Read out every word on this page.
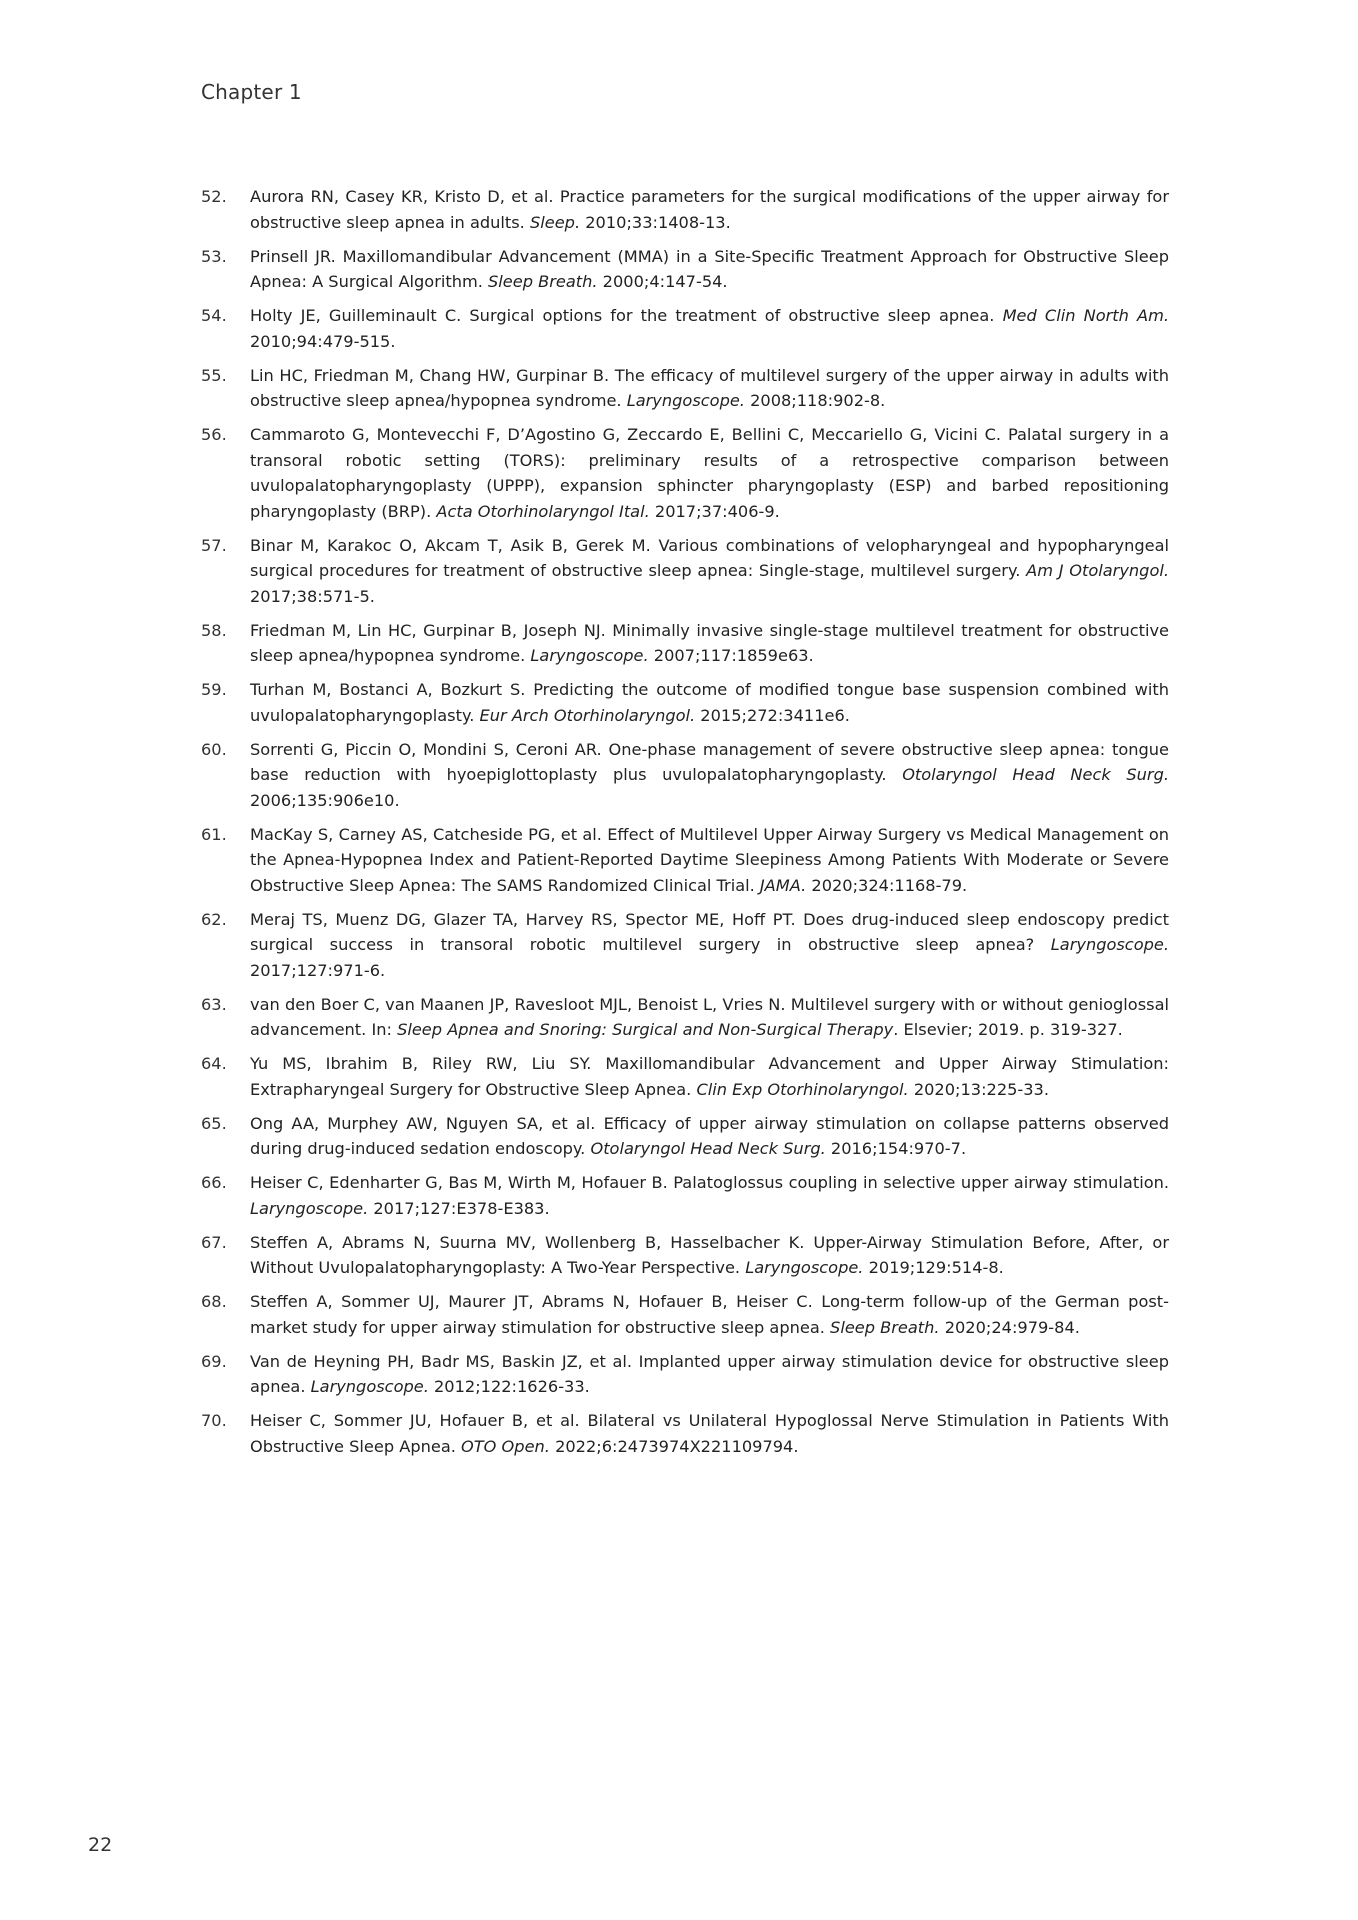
Chapter 1
52.	Aurora RN, Casey KR, Kristo D, et al. Practice parameters for the surgical modifications of the upper airway for obstructive sleep apnea in adults. Sleep. 2010;33:1408-13.
53.	Prinsell JR. Maxillomandibular Advancement (MMA) in a Site-Specific Treatment Approach for Obstructive Sleep Apnea: A Surgical Algorithm. Sleep Breath. 2000;4:147-54.
54.	Holty JE, Guilleminault C. Surgical options for the treatment of obstructive sleep apnea. Med Clin North Am. 2010;94:479-515.
55.	Lin HC, Friedman M, Chang HW, Gurpinar B. The efficacy of multilevel surgery of the upper airway in adults with obstructive sleep apnea/hypopnea syndrome. Laryngoscope. 2008;118:902-8.
56.	Cammaroto G, Montevecchi F, D’Agostino G, Zeccardo E, Bellini C, Meccariello G, Vicini C. Palatal surgery in a transoral robotic setting (TORS): preliminary results of a retrospective comparison between uvulopalatopharyngoplasty (UPPP), expansion sphincter pharyngoplasty (ESP) and barbed repositioning pharyngoplasty (BRP). Acta Otorhinolaryngol Ital. 2017;37:406-9.
57.	Binar M, Karakoc O, Akcam T, Asik B, Gerek M. Various combinations of velopharyngeal and hypopharyngeal surgical procedures for treatment of obstructive sleep apnea: Single-stage, multilevel surgery. Am J Otolaryngol. 2017;38:571-5.
58.	Friedman M, Lin HC, Gurpinar B, Joseph NJ. Minimally invasive single-stage multilevel treatment for obstructive sleep apnea/hypopnea syndrome. Laryngoscope. 2007;117:1859e63.
59.	Turhan M, Bostanci A, Bozkurt S. Predicting the outcome of modified tongue base suspension combined with uvulopalatopharyngoplasty. Eur Arch Otorhinolaryngol. 2015;272:3411e6.
60.	Sorrenti G, Piccin O, Mondini S, Ceroni AR. One-phase management of severe obstructive sleep apnea: tongue base reduction with hyoepiglottoplasty plus uvulopalatopharyngoplasty. Otolaryngol Head Neck Surg. 2006;135:906e10.
61.	MacKay S, Carney AS, Catcheside PG, et al. Effect of Multilevel Upper Airway Surgery vs Medical Management on the Apnea-Hypopnea Index and Patient-Reported Daytime Sleepiness Among Patients With Moderate or Severe Obstructive Sleep Apnea: The SAMS Randomized Clinical Trial. JAMA. 2020;324:1168-79.
62.	Meraj TS, Muenz DG, Glazer TA, Harvey RS, Spector ME, Hoff PT. Does drug-induced sleep endoscopy predict surgical success in transoral robotic multilevel surgery in obstructive sleep apnea? Laryngoscope. 2017;127:971-6.
63.	van den Boer C, van Maanen JP, Ravesloot MJL, Benoist L, Vries N. Multilevel surgery with or without genioglossal advancement. In: Sleep Apnea and Snoring: Surgical and Non-Surgical Therapy. Elsevier; 2019. p. 319-327.
64.	Yu MS, Ibrahim B, Riley RW, Liu SY. Maxillomandibular Advancement and Upper Airway Stimulation: Extrapharyngeal Surgery for Obstructive Sleep Apnea. Clin Exp Otorhinolaryngol. 2020;13:225-33.
65.	Ong AA, Murphey AW, Nguyen SA, et al. Efficacy of upper airway stimulation on collapse patterns observed during drug-induced sedation endoscopy. Otolaryngol Head Neck Surg. 2016;154:970-7.
66.	Heiser C, Edenharter G, Bas M, Wirth M, Hofauer B. Palatoglossus coupling in selective upper airway stimulation. Laryngoscope. 2017;127:E378-E383.
67.	Steffen A, Abrams N, Suurna MV, Wollenberg B, Hasselbacher K. Upper-Airway Stimulation Before, After, or Without Uvulopalatopharyngoplasty: A Two-Year Perspective. Laryngoscope. 2019;129:514-8.
68.	Steffen A, Sommer UJ, Maurer JT, Abrams N, Hofauer B, Heiser C. Long-term follow-up of the German post-market study for upper airway stimulation for obstructive sleep apnea. Sleep Breath. 2020;24:979-84.
69.	Van de Heyning PH, Badr MS, Baskin JZ, et al. Implanted upper airway stimulation device for obstructive sleep apnea. Laryngoscope. 2012;122:1626-33.
70.	Heiser C, Sommer JU, Hofauer B, et al. Bilateral vs Unilateral Hypoglossal Nerve Stimulation in Patients With Obstructive Sleep Apnea. OTO Open. 2022;6:2473974X221109794.
22
